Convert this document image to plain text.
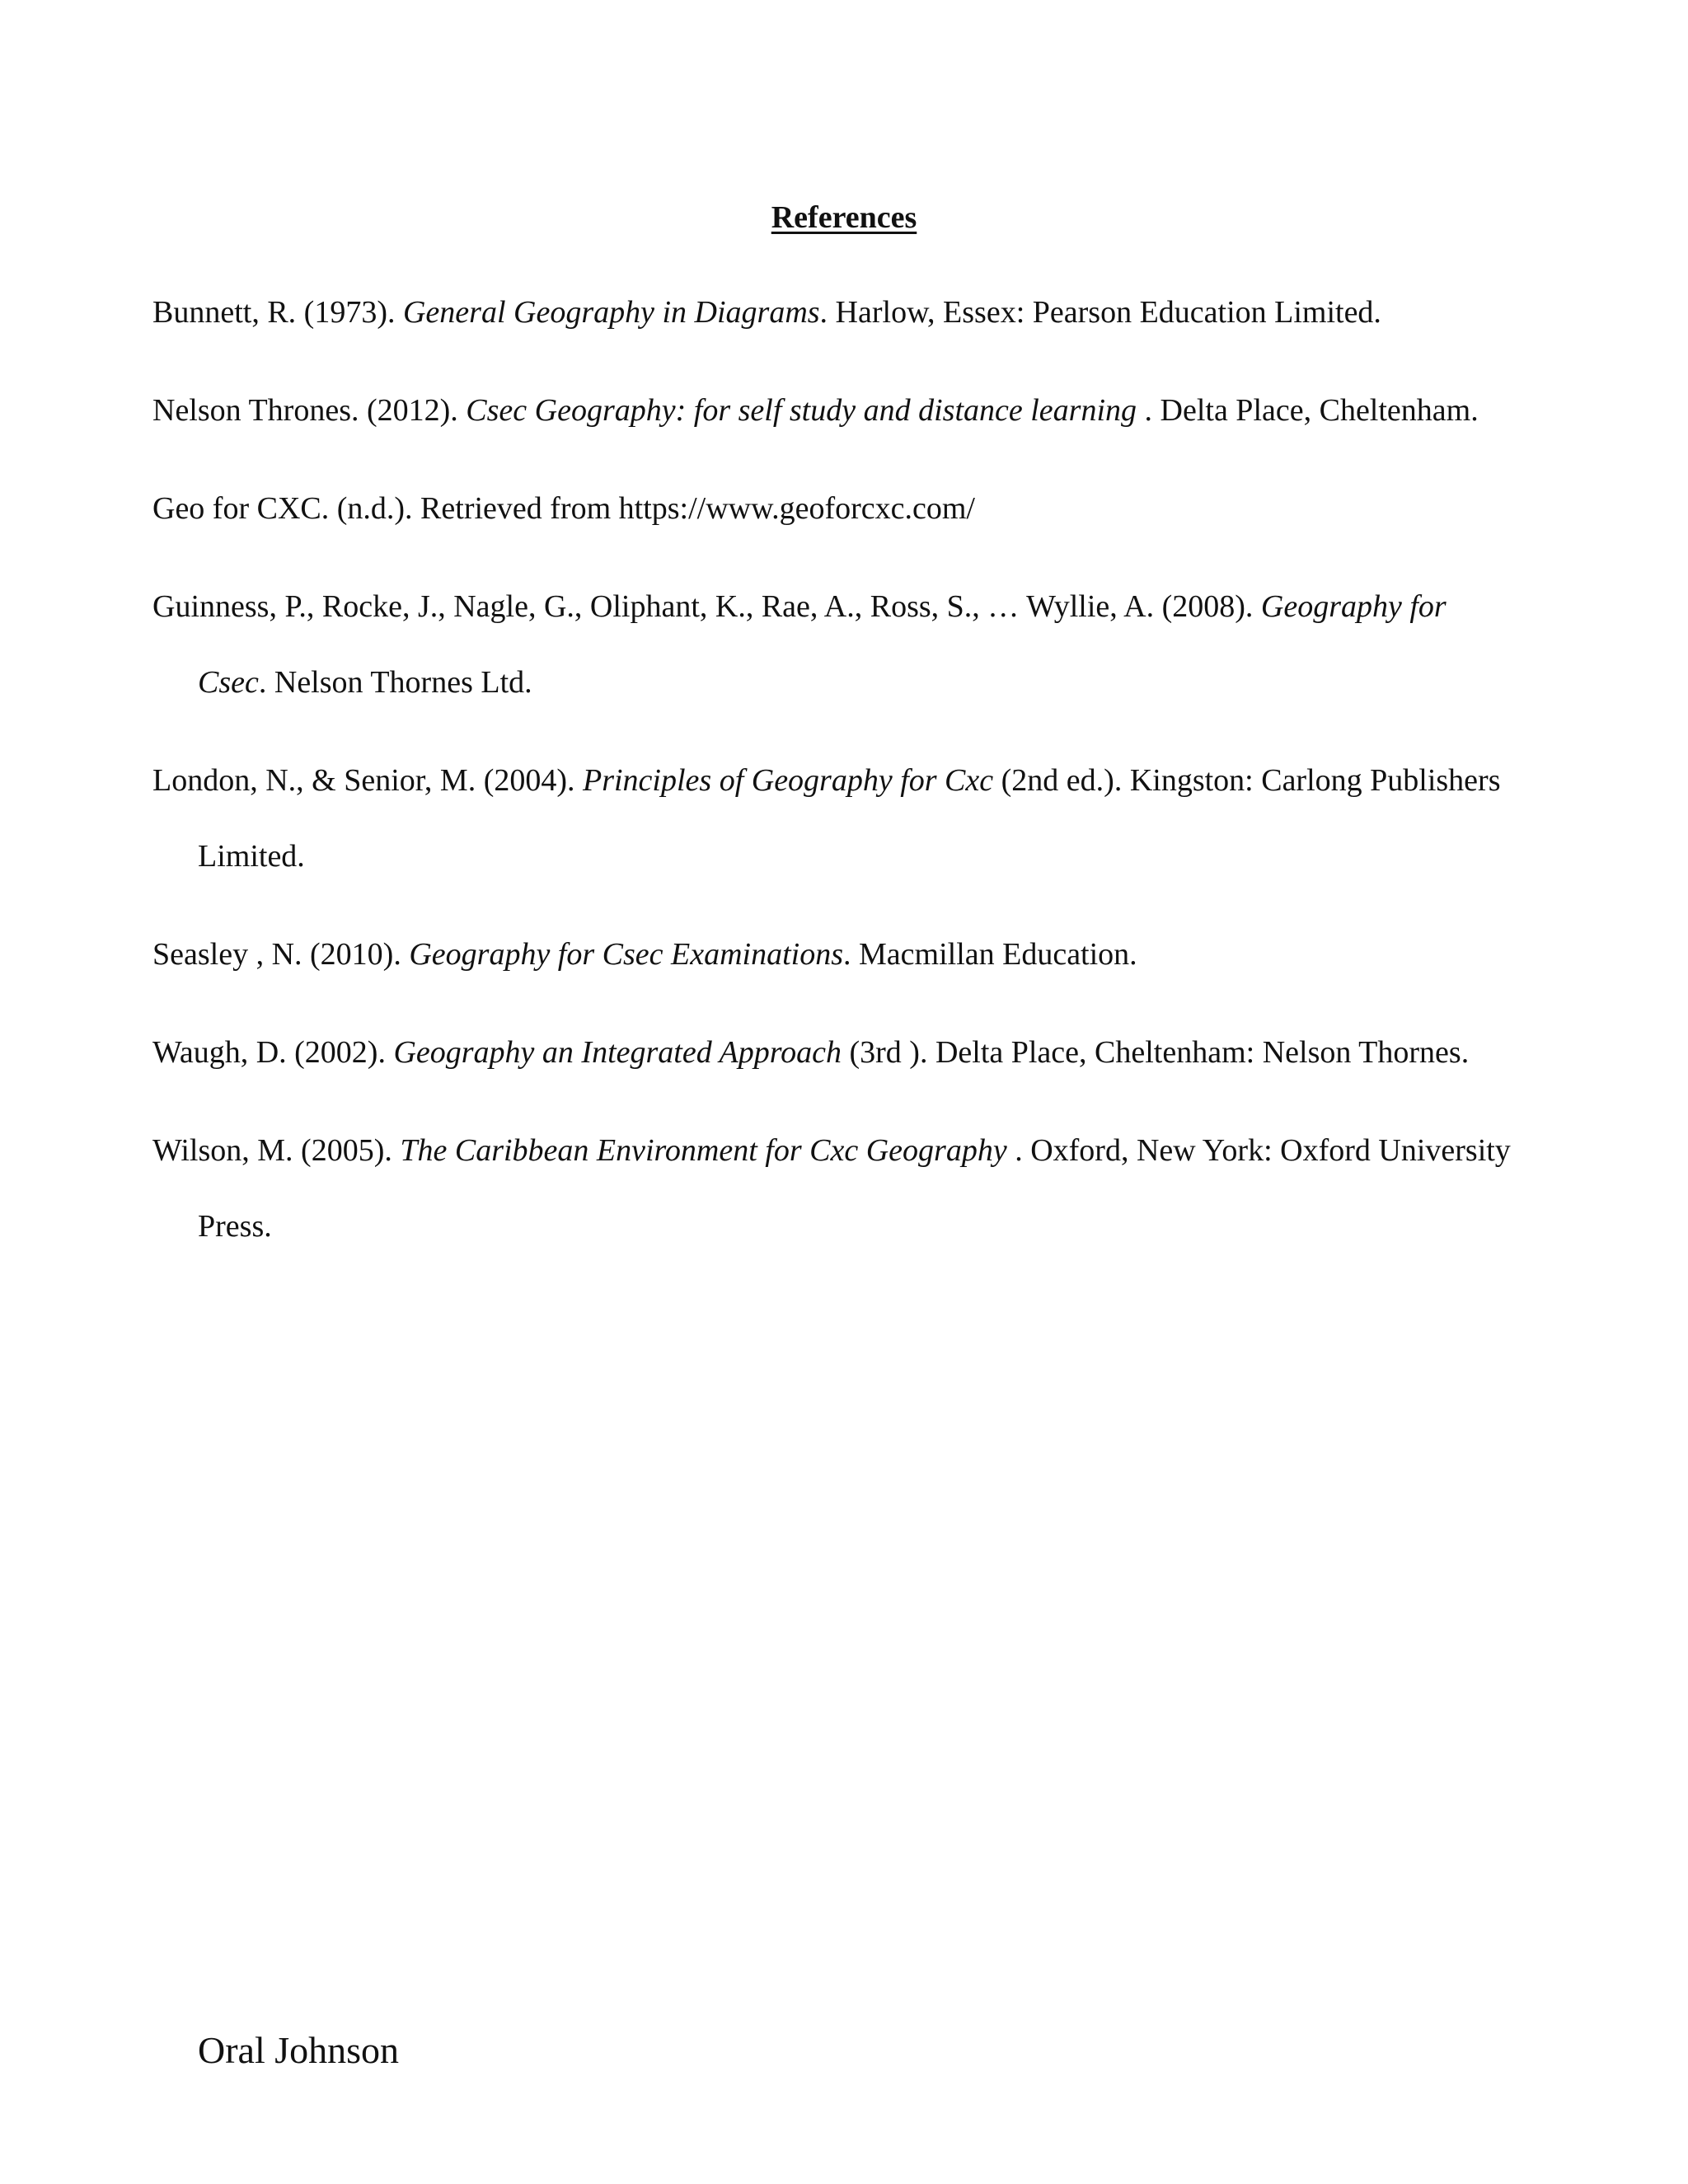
References
Bunnett, R. (1973). General Geography in Diagrams. Harlow, Essex: Pearson Education Limited.
Nelson Thrones. (2012). Csec Geography: for self study and distance learning . Delta Place, Cheltenham.
Geo for CXC. (n.d.). Retrieved from https://www.geoforcxc.com/
Guinness, P., Rocke, J., Nagle, G., Oliphant, K., Rae, A., Ross, S., … Wyllie, A. (2008). Geography for Csec. Nelson Thornes Ltd.
London, N., & Senior, M. (2004). Principles of Geography for Cxc (2nd ed.). Kingston: Carlong Publishers Limited.
Seasley , N. (2010). Geography for Csec Examinations. Macmillan Education.
Waugh, D. (2002). Geography an Integrated Approach (3rd ). Delta Place, Cheltenham: Nelson Thornes.
Wilson, M. (2005). The Caribbean Environment for Cxc Geography . Oxford, New York: Oxford University Press.
Oral Johnson
